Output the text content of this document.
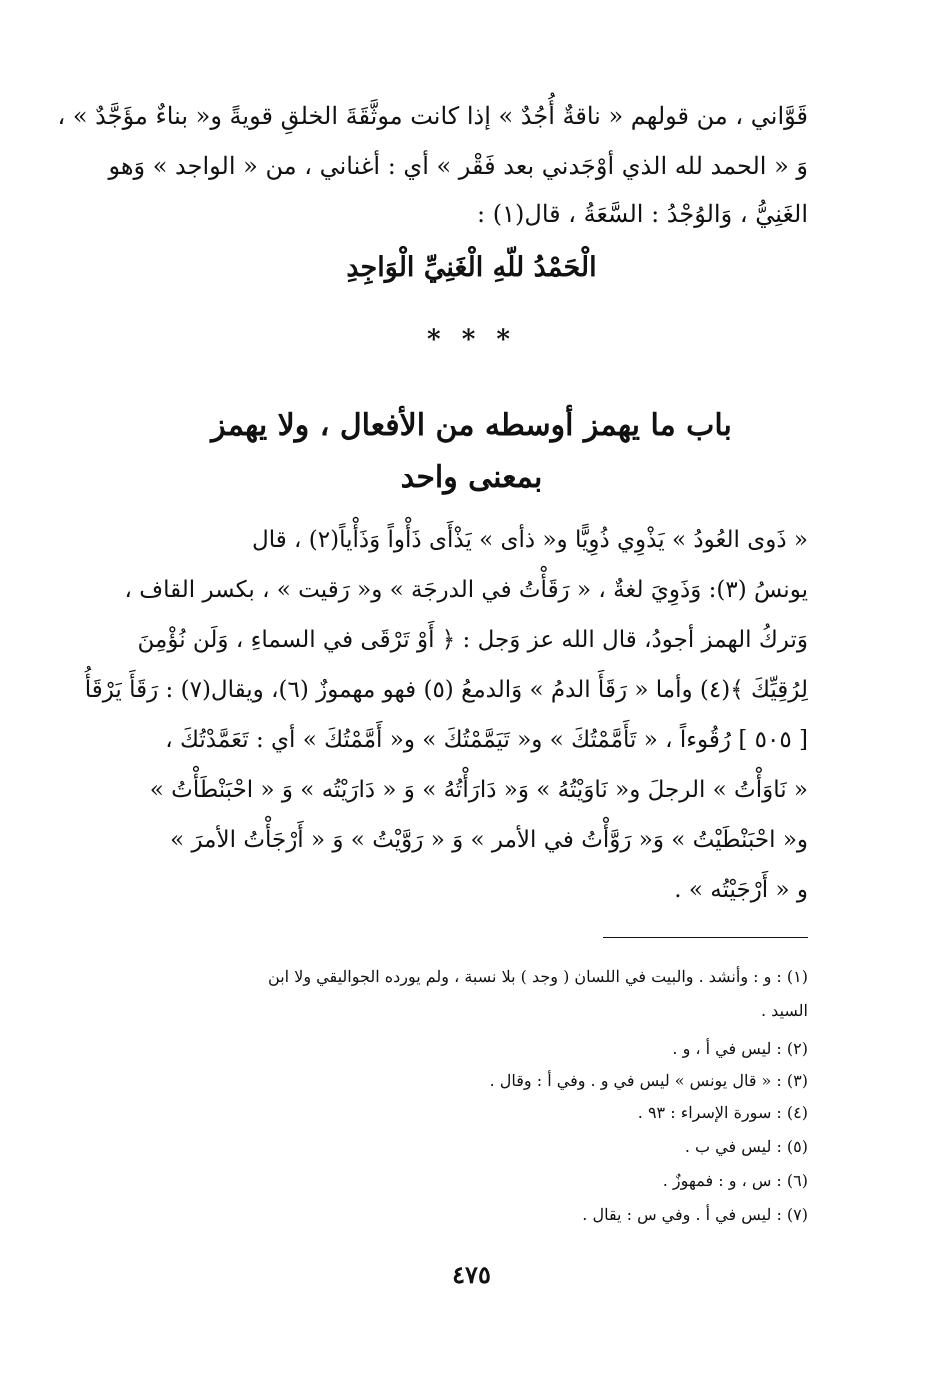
قَوَّاني ، من قولهم « ناقةٌ أُجُدٌ » إذا كانت موثَّقَةَ الخلقِ قويةً و« بناءٌ مؤَجَّدٌ » ،
وَ « الحمد لله الذي أوْجَدني بعد فَقْر » أي : أغناني ، من « الواجد » وَهو
الغَنِيُّ ، وَالوُجْدُ : السَّعَةُ ، قال(١) :
الْحَمْدُ للّهِ الْغَنِيِّ الْوَاجِدِ
* * *
باب ما يهمز أوسطه من الأفعال ، ولا يهمز
بمعنى واحد
« ذَوى العُودُ » يَذْوِي ذُوِيًّا و« ذأى » يَذْأَى ذَأْواً وَذَأْياً(٢) ، قال
يونسُ (٣): وَذَوِيَ لغةٌ ، « رَقَأْتُ في الدرجَة » و« رَقيت » ، بكسر القاف ،
وَتركُ الهمز أجودُ، قال الله عز وَجل : ﴿ أَوْ تَرْقَى في السماءِ ، وَلَن نُؤْمِنَ
لِرُقِيِّكَ ﴾(٤) وأما « رَقَأَ الدمُ » وَالدمعُ (٥) فهو مهموزٌ (٦)، ويقال(٧) : رَقَأَ يَرْقَأُ
[ ٥٠٥ ] رُقُوءاً ، « تَأَمَّمْتُكَ » و« تَيَمَّمْتُكَ » و« أَمَّمْتُكَ » أي : تَعَمَّدْتُكَ ،
« نَاوَأْتُ » الرجلَ و« نَاوَيْتُهُ » وَ« دَارَأْتُهُ » وَ « دَارَيْتُه » وَ « احْبَنْطَأْتُ »
و« احْبَنْطَيْتُ » وَ« رَوَّأْتُ في الأمر » وَ « رَوَّيْتُ » وَ « أَرْجَأْتُ الأمرَ »
و « أَرْجَيْتُه » .
(١) : و : وأنشد . والبيت في اللسان ( وجد ) بلا نسبة ، ولم يورده الجواليقي ولا ابن
السيد .
(٢) : ليس في أ ، و .
(٣) : « قال يونس » ليس في و . وفي أ : وقال .
(٤) : سورة الإسراء : ٩٣ .
(٥) : ليس في ب .
(٦) : س ، و : فمهوزٌ .
(٧) : ليس في أ . وفي س : يقال .
٤٧٥
